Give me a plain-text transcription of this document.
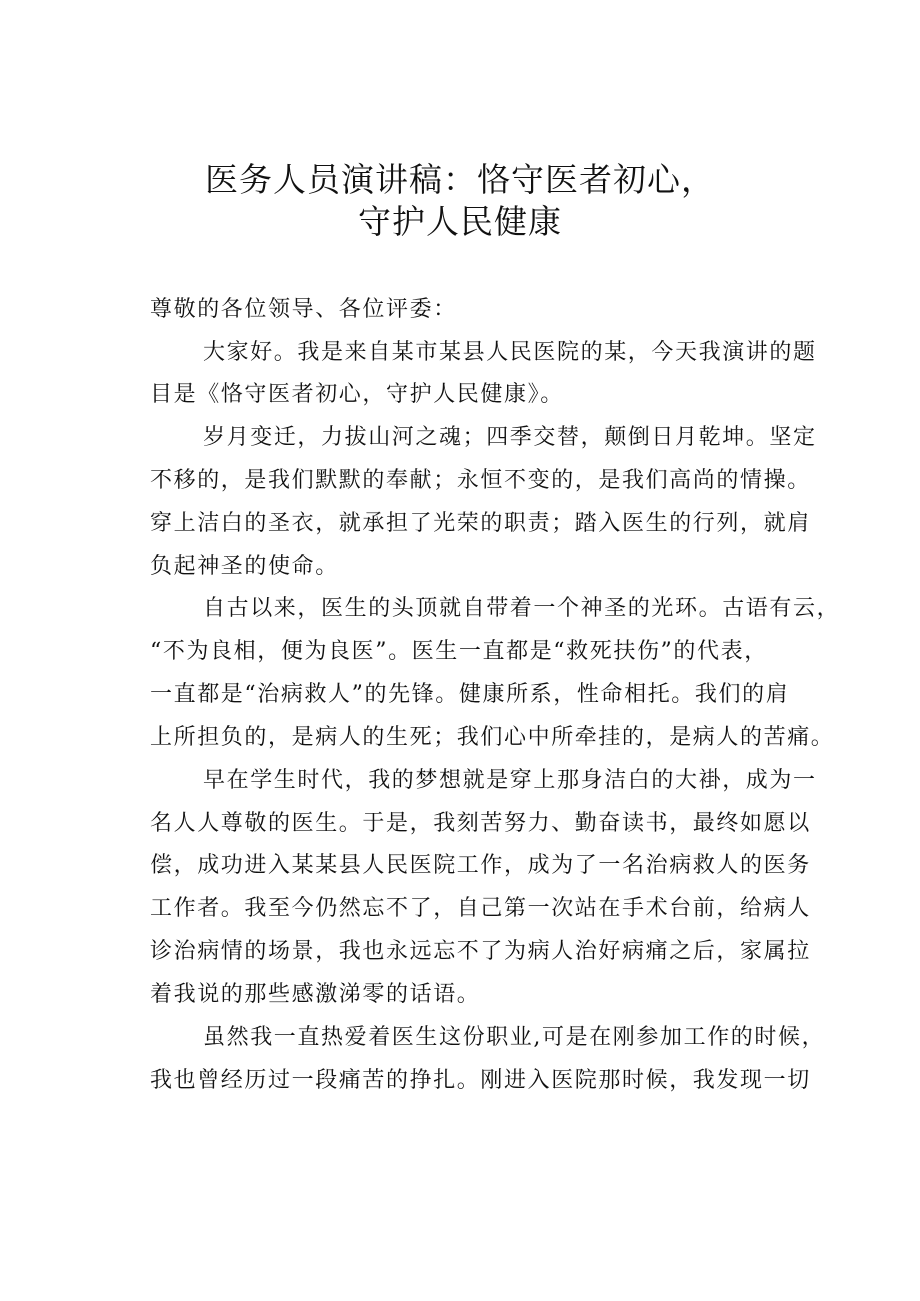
医务人员演讲稿：恪守医者初心，
守护人民健康
尊敬的各位领导、各位评委：
大家好。我是来自某市某县人民医院的某，今天我演讲的题
目是《恪守医者初心，守护人民健康》。
岁月变迁，力拔山河之魂；四季交替，颠倒日月乾坤。坚定
不移的，是我们默默的奉献；永恒不变的，是我们高尚的情操。
穿上洁白的圣衣，就承担了光荣的职责；踏入医生的行列，就肩
负起神圣的使命。
自古以来，医生的头顶就自带着一个神圣的光环。古语有云，
“不为良相，便为良医”。医生一直都是“救死扶伤”的代表，
一直都是“治病救人”的先锋。健康所系，性命相托。我们的肩
上所担负的，是病人的生死；我们心中所牵挂的，是病人的苦痛。
早在学生时代，我的梦想就是穿上那身洁白的大褂，成为一
名人人尊敬的医生。于是，我刻苦努力、勤奋读书，最终如愿以
偿，成功进入某某县人民医院工作，成为了一名治病救人的医务
工作者。我至今仍然忘不了，自己第一次站在手术台前，给病人
诊治病情的场景，我也永远忘不了为病人治好病痛之后，家属拉
着我说的那些感激涕零的话语。
虽然我一直热爱着医生这份职业,可是在刚参加工作的时候，
我也曾经历过一段痛苦的挣扎。刚进入医院那时候，我发现一切
